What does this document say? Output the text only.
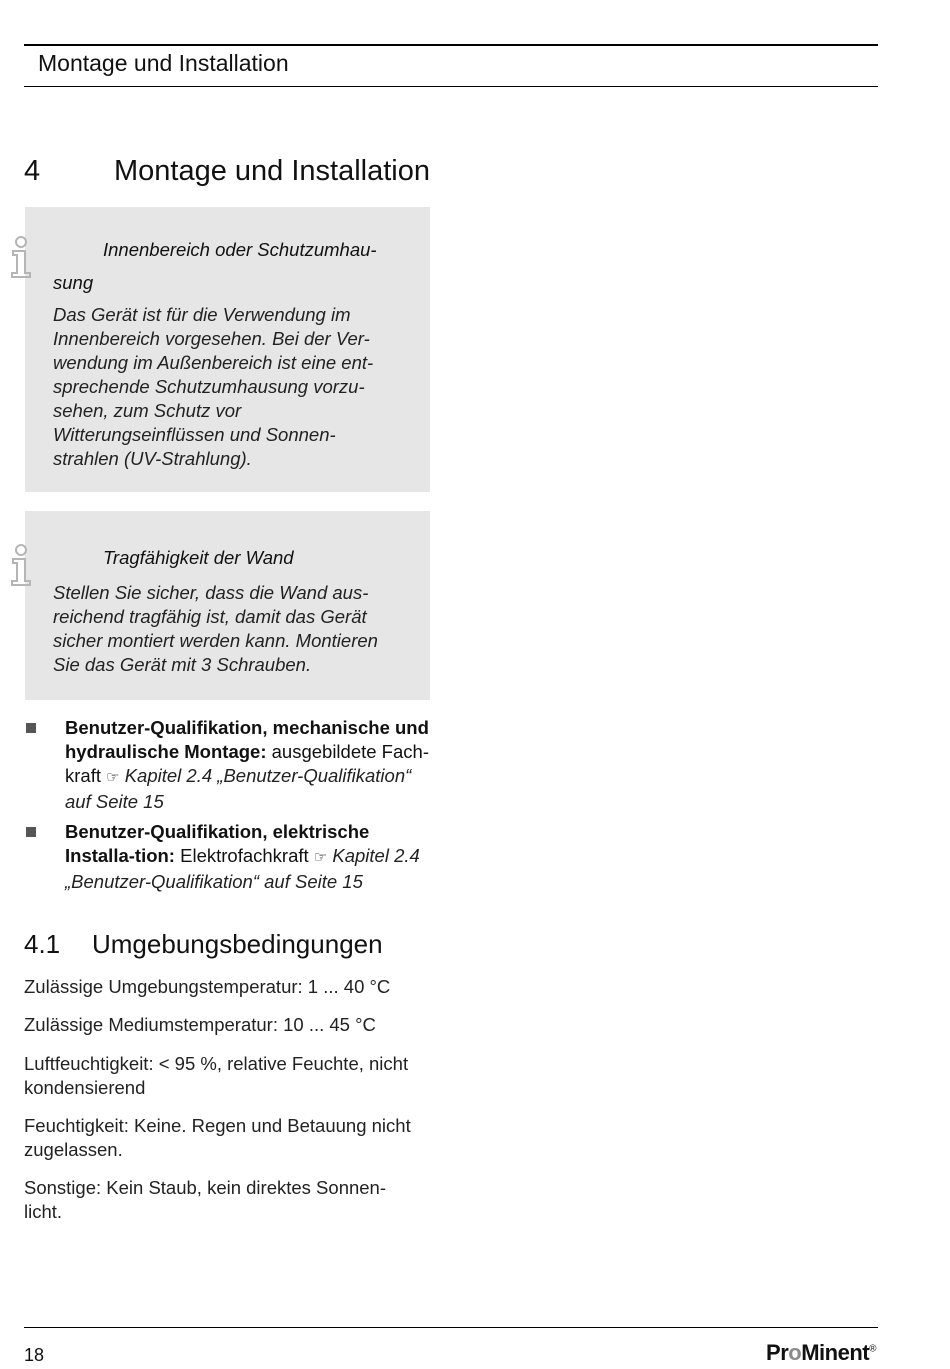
Montage und Installation
4	Montage und Installation
Innenbereich oder Schutzumhau-
sung
Das Gerät ist für die Verwendung im
Innenbereich vorgesehen. Bei der Ver-
wendung im Außenbereich ist eine ent-
sprechende Schutzumhausung vorzu-
sehen, zum Schutz vor
Witterungseinflüssen und Sonnen-
strahlen (UV-Strahlung).
Tragfähigkeit der Wand
Stellen Sie sicher, dass die Wand aus-
reichend tragfähig ist, damit das Gerät
sicher montiert werden kann. Montieren
Sie das Gerät mit 3 Schrauben.
Benutzer-Qualifikation, mechanische und hydraulische Montage: ausgebildete Fach-kraft ☞ Kapitel 2.4 „Benutzer-Qualifikation“ auf Seite 15
Benutzer-Qualifikation, elektrische Installa-tion: Elektrofachkraft ☞ Kapitel 2.4 „Benutzer-Qualifikation“ auf Seite 15
4.1 Umgebungsbedingungen
Zulässige Umgebungstemperatur: 1 ... 40 °C
Zulässige Mediumstemperatur: 10 ... 45 °C
Luftfeuchtigkeit: < 95 %, relative Feuchte, nicht kondensierend
Feuchtigkeit: Keine. Regen und Betauung nicht zugelassen.
Sonstige: Kein Staub, kein direktes Sonnen-licht.
18	ProMinent®
